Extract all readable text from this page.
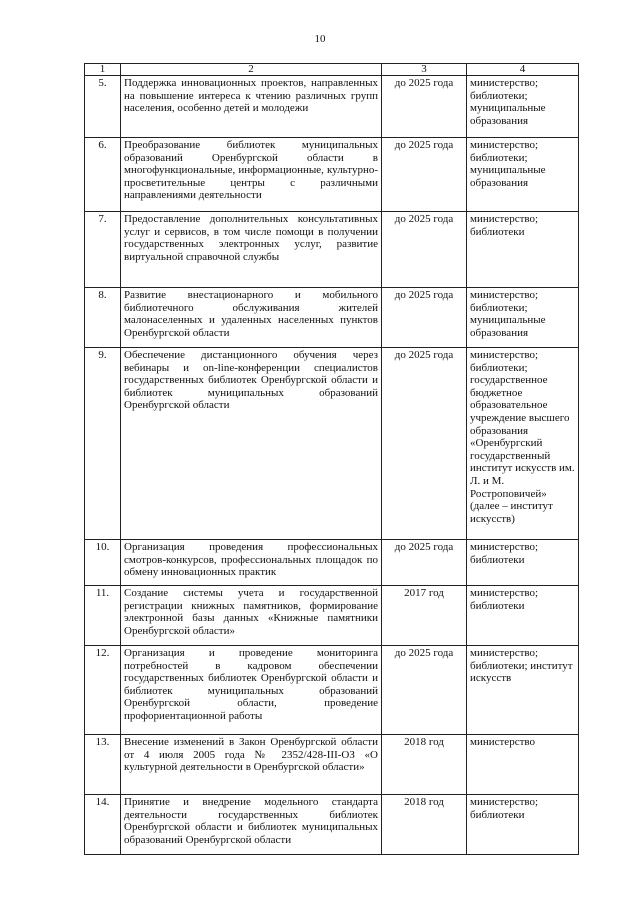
10
1	2	3	4
5.	Поддержка инновационных проектов, направленных на повышение интереса к чтению различных групп населения, особенно детей и молодежи	до 2025 года	министерство; библиотеки; муниципальные образования
6.	Преобразование библиотек муниципальных образований Оренбургской области в многофункциональные, информационные, культурно-просветительные центры с различными направлениями деятельности	до 2025 года	министерство; библиотеки; муниципальные образования
7.	Предоставление дополнительных консультативных услуг и сервисов, в том числе помощи в получении государственных электронных услуг, развитие виртуальной справочной службы	до 2025 года	министерство; библиотеки
8.	Развитие внестационарного и мобильного библиотечного обслуживания жителей малонаселенных и удаленных населенных пунктов Оренбургской области	до 2025 года	министерство; библиотеки; муниципальные образования
9.	Обеспечение дистанционного обучения через вебинары и on-line-конференции специалистов государственных библиотек Оренбургской области и библиотек муниципальных образований Оренбургской области	до 2025 года	министерство; библиотеки; государственное бюджетное образовательное учреждение высшего образования «Оренбургский государственный институт искусств им. Л. и М. Ростроповичей» (далее – институт искусств)
10.	Организация проведения профессиональных смотров-конкурсов, профессиональных площадок по обмену инновационных практик	до 2025 года	министерство; библиотеки
11.	Создание системы учета и государственной регистрации книжных памятников, формирование электронной базы данных «Книжные памятники Оренбургской области»	2017 год	министерство; библиотеки
12.	Организация и проведение мониторинга потребностей в кадровом обеспечении государственных библиотек Оренбургской области и библиотек муниципальных образований Оренбургской области, проведение профориентационной работы	до 2025 года	министерство; библиотеки; институт искусств
13.	Внесение изменений в Закон Оренбургской области от 4 июля 2005 года № 2352/428-III-ОЗ «О культурной деятельности в Оренбургской области»	2018 год	министерство
14.	Принятие и внедрение модельного стандарта деятельности государственных библиотек Оренбургской области и библиотек муниципальных образований Оренбургской области	2018 год	министерство; библиотеки
